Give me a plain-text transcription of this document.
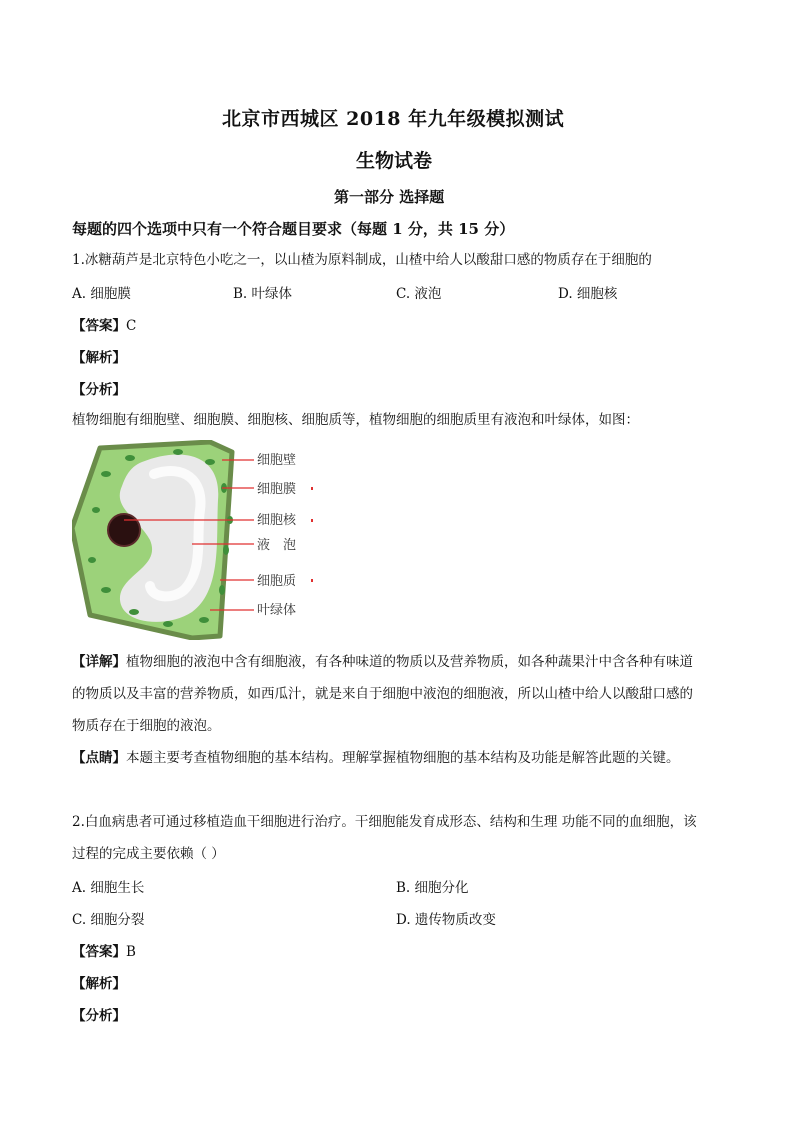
北京市西城区 2018 年九年级模拟测试
生物试卷
第一部分 选择题
每题的四个选项中只有一个符合题目要求（每题 1 分，共 15 分）
1.冰糖葫芦是北京特色小吃之一，以山楂为原料制成，山楂中给人以酸甜口感的物质存在于细胞的
A. 细胞膜	B. 叶绿体	C. 液泡	D. 细胞核
【答案】C
【解析】
【分析】
植物细胞有细胞壁、细胞膜、细胞核、细胞质等，植物细胞的细胞质里有液泡和叶绿体，如图：
细胞壁
细胞膜
细胞核
液　泡
细胞质
叶绿体
【详解】植物细胞的液泡中含有细胞液，有各种味道的物质以及营养物质，如各种蔬果汁中含各种有味道
的物质以及丰富的营养物质，如西瓜汁，就是来自于细胞中液泡的细胞液，所以山楂中给人以酸甜口感的
物质存在于细胞的液泡。
【点睛】本题主要考查植物细胞的基本结构。理解掌握植物细胞的基本结构及功能是解答此题的关键。
2.白血病患者可通过移植造血干细胞进行治疗。干细胞能发育成形态、结构和生理 功能不同的血细胞，该
过程的完成主要依赖（ ）
A. 细胞生长	B. 细胞分化
C. 细胞分裂	D. 遗传物质改变
【答案】B
【解析】
【分析】
